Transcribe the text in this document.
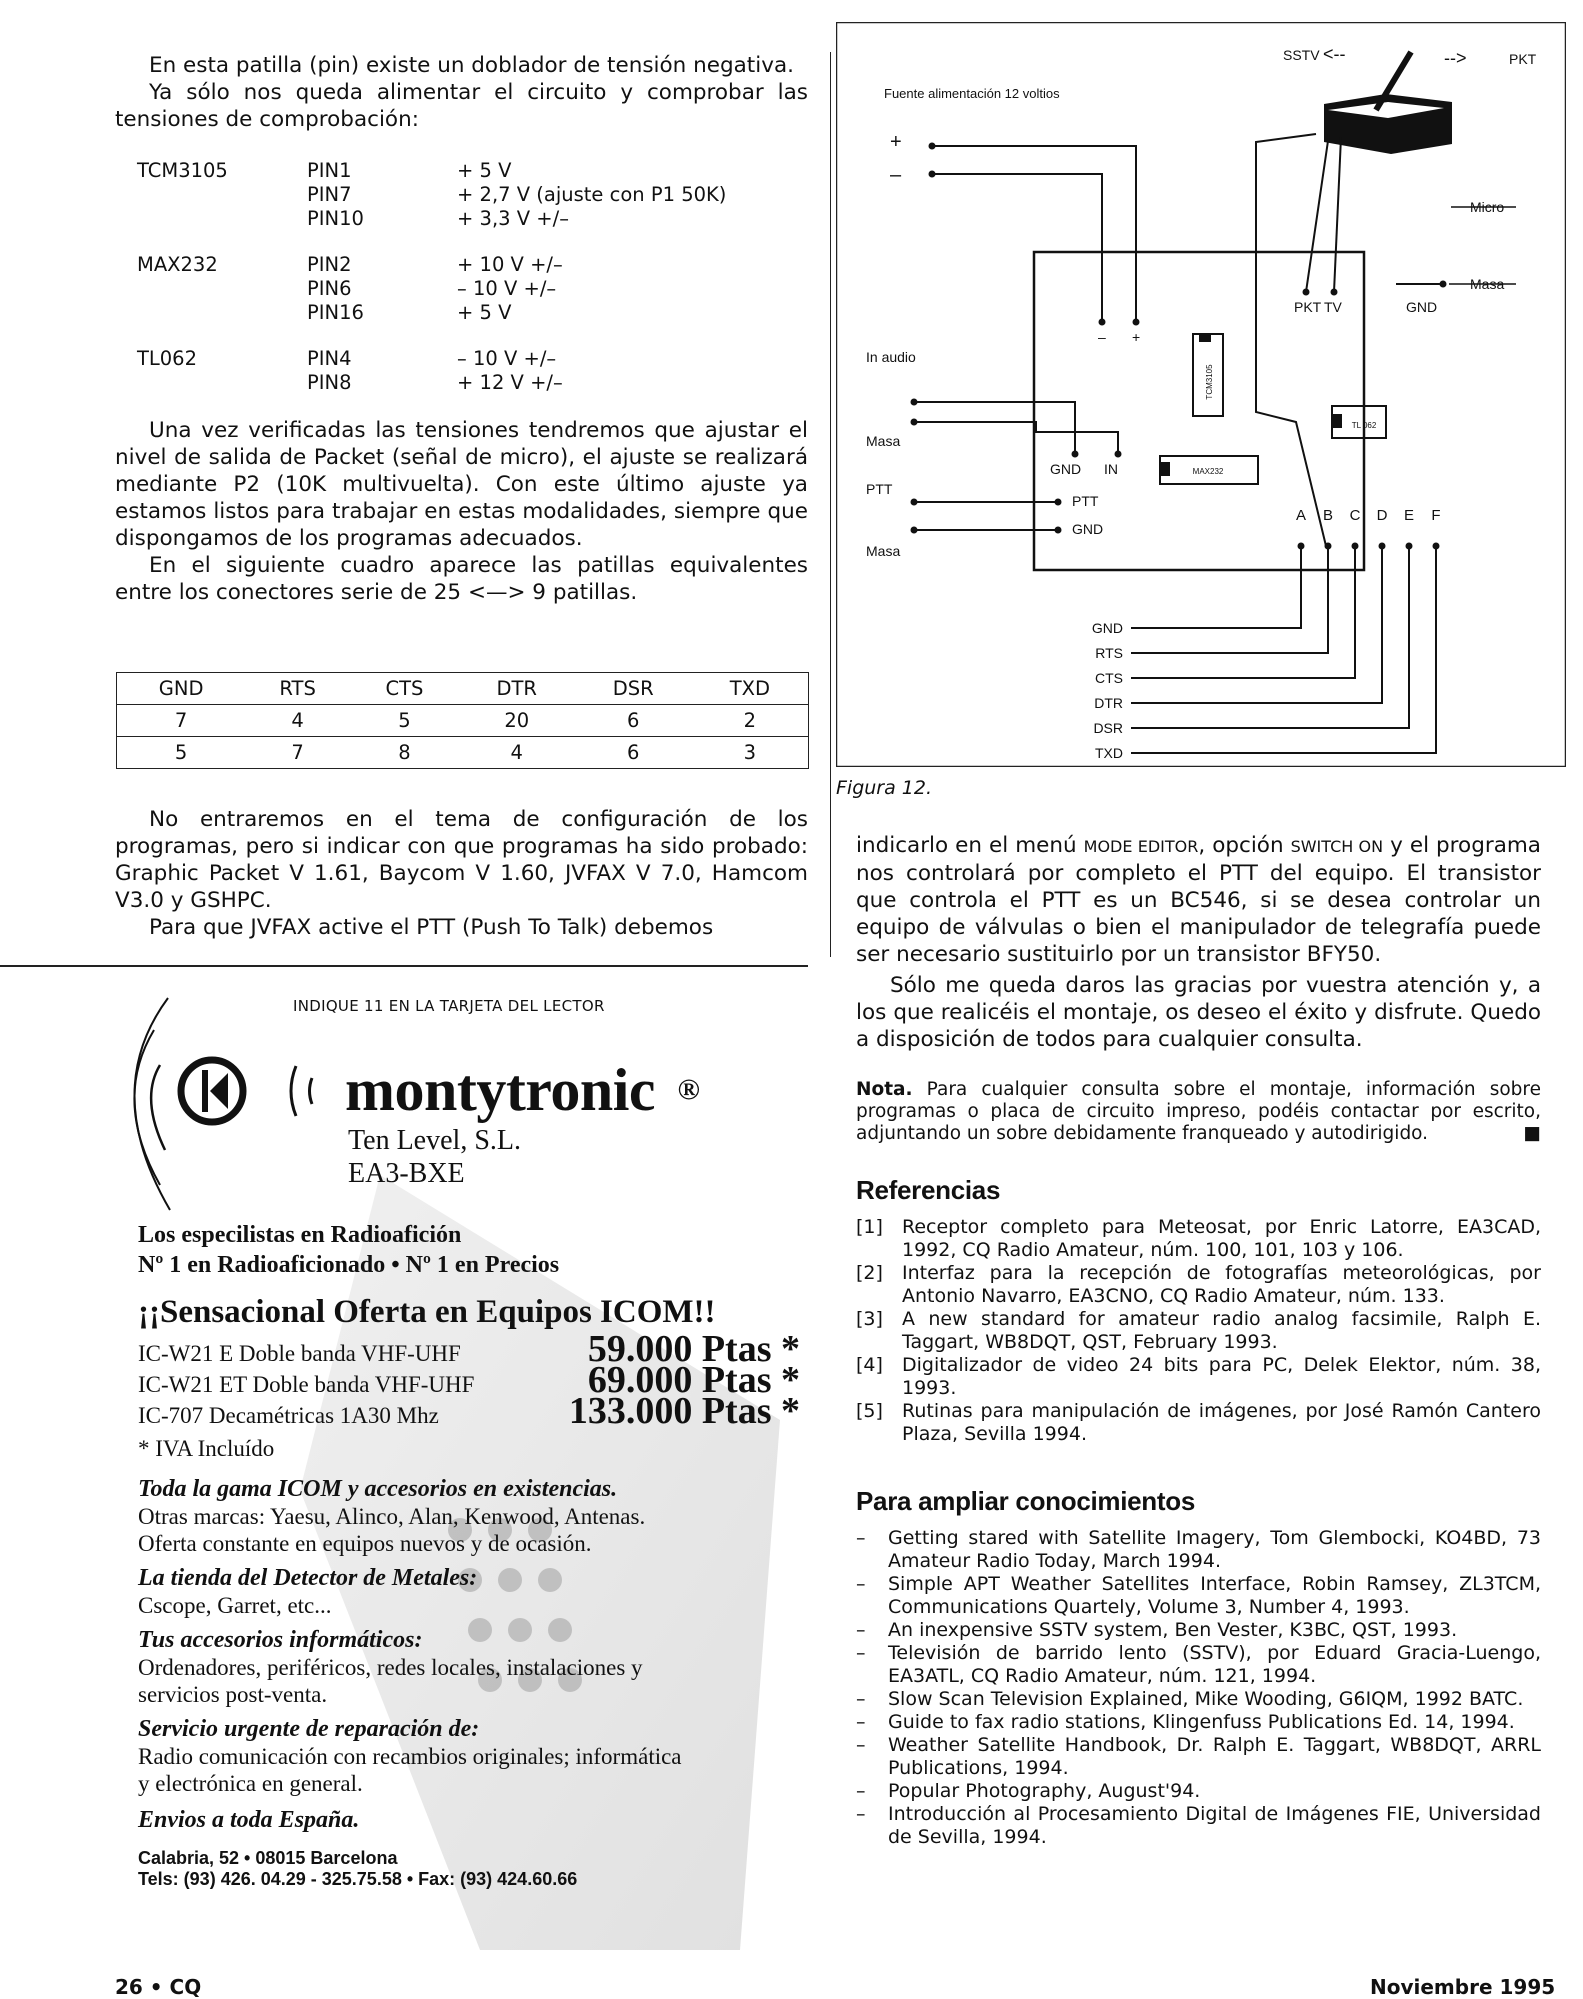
En esta patilla (pin) existe un doblador de tensión negativa.

Ya sólo nos queda alimentar el circuito y comprobar las tensiones de comprobación:

TCM3105	PIN1	+ 5 V
PIN7	+ 2,7 V (ajuste con P1 50K)
PIN10	+ 3,3 V +/–
MAX232	PIN2	+ 10 V +/–
PIN6	– 10 V +/–
PIN16	+ 5 V
TL062	PIN4	– 10 V +/–
PIN8	+ 12 V +/–

Una vez verificadas las tensiones tendremos que ajustar el nivel de salida de Packet (señal de micro), el ajuste se realizará mediante P2 (10K multivuelta). Con este último ajuste ya estamos listos para trabajar en estas modalidades, siempre que dispongamos de los programas adecuados.

En el siguiente cuadro aparece las patillas equivalentes entre los conectores serie de 25 <—> 9 patillas.

GND	RTS	CTS	DTR	DSR	TXD
7	4	5	20	6	2
5	7	8	4	6	3

No entraremos en el tema de configuración de los programas, pero si indicar con que programas ha sido probado: Graphic Packet V 1.61, Baycom V 1.60, JVFAX V 7.0, Hamcom V3.0 y GSHPC.

Para que JVFAX active el PTT (Push To Talk) debemos

INDIQUE 11 EN LA TARJETA DEL LECTOR
montytronic ®
Ten Level, S.L.
EA3-BXE
Los especilistas en Radioafición
Nº 1 en Radioaficionado • Nº 1 en Precios
¡¡Sensacional Oferta en Equipos ICOM!!
IC-W21 E Doble banda VHF-UHF	59.000 Ptas *
IC-W21 ET Doble banda VHF-UHF	69.000 Ptas *
IC-707 Decamétricas 1A30 Mhz	133.000 Ptas *
* IVA Incluído
Toda la gama ICOM y accesorios en existencias.
Otras marcas: Yaesu, Alinco, Alan, Kenwood, Antenas.
Oferta constante en equipos nuevos y de ocasión.
La tienda del Detector de Metales:
Cscope, Garret, etc...
Tus accesorios informáticos:
Ordenadores, periféricos, redes locales, instalaciones y
servicios post-venta.
Servicio urgente de reparación de:
Radio comunicación con recambios originales; informática
y electrónica en general.
Envios a toda España.
Calabria, 52 • 08015 Barcelona
Tels: (93) 426. 04.29 - 325.75.58 • Fax: (93) 424.60.66
SSTV <--	-->	PKT
Fuente alimentación 12 voltios
+
–
– +
Micro
Masa
PKT TV	GND
TCM3105
MAX232
TL 062
In audio
Masa
PTT
Masa
GND IN
PTT
GND
A B C D E F
GND
RTS
CTS
DTR
DSR
TXD
Figura 12.

indicarlo en el menú MODE EDITOR, opción SWITCH ON y el programa nos controlará por completo el PTT del equipo. El transistor que controla el PTT es un BC546, si se desea controlar un equipo de válvulas o bien el manipulador de telegrafía puede ser necesario sustituirlo por un transistor BFY50.

Sólo me queda daros las gracias por vuestra atención y, a los que realicéis el montaje, os deseo el éxito y disfrute. Quedo a disposición de todos para cualquier consulta.

Nota. Para cualquier consulta sobre el montaje, información sobre programas o placa de circuito impreso, podéis contactar por escrito, adjuntando un sobre debidamente franqueado y autodirigido.	■

Referencias
[1]	Receptor completo para Meteosat, por Enric Latorre, EA3CAD, 1992, CQ Radio Amateur, núm. 100, 101, 103 y 106.
[2]	Interfaz para la recepción de fotografías meteorológicas, por Antonio Navarro, EA3CNO, CQ Radio Amateur, núm. 133.
[3]	A new standard for amateur radio analog facsimile, Ralph E. Taggart, WB8DQT, QST, February 1993.
[4]	Digitalizador de video 24 bits para PC, Delek Elektor, núm. 38, 1993.
[5]	Rutinas para manipulación de imágenes, por José Ramón Cantero Plaza, Sevilla 1994.
Para ampliar conocimientos
–	Getting stared with Satellite Imagery, Tom Glembocki, KO4BD, 73 Amateur Radio Today, March 1994.
–	Simple APT Weather Satellites Interface, Robin Ramsey, ZL3TCM, Communications Quartely, Volume 3, Number 4, 1993.
–	An inexpensive SSTV system, Ben Vester, K3BC, QST, 1993.
–	Televisión de barrido lento (SSTV), por Eduard Gracia-Luengo, EA3ATL, CQ Radio Amateur, núm. 121, 1994.
–	Slow Scan Television Explained, Mike Wooding, G6IQM, 1992 BATC.
–	Guide to fax radio stations, Klingenfuss Publications Ed. 14, 1994.
–	Weather Satellite Handbook, Dr. Ralph E. Taggart, WB8DQT, ARRL Publications, 1994.
–	Popular Photography, August'94.
–	Introducción al Procesamiento Digital de Imágenes FIE, Universidad de Sevilla, 1994.
26 • CQ	Noviembre 1995
